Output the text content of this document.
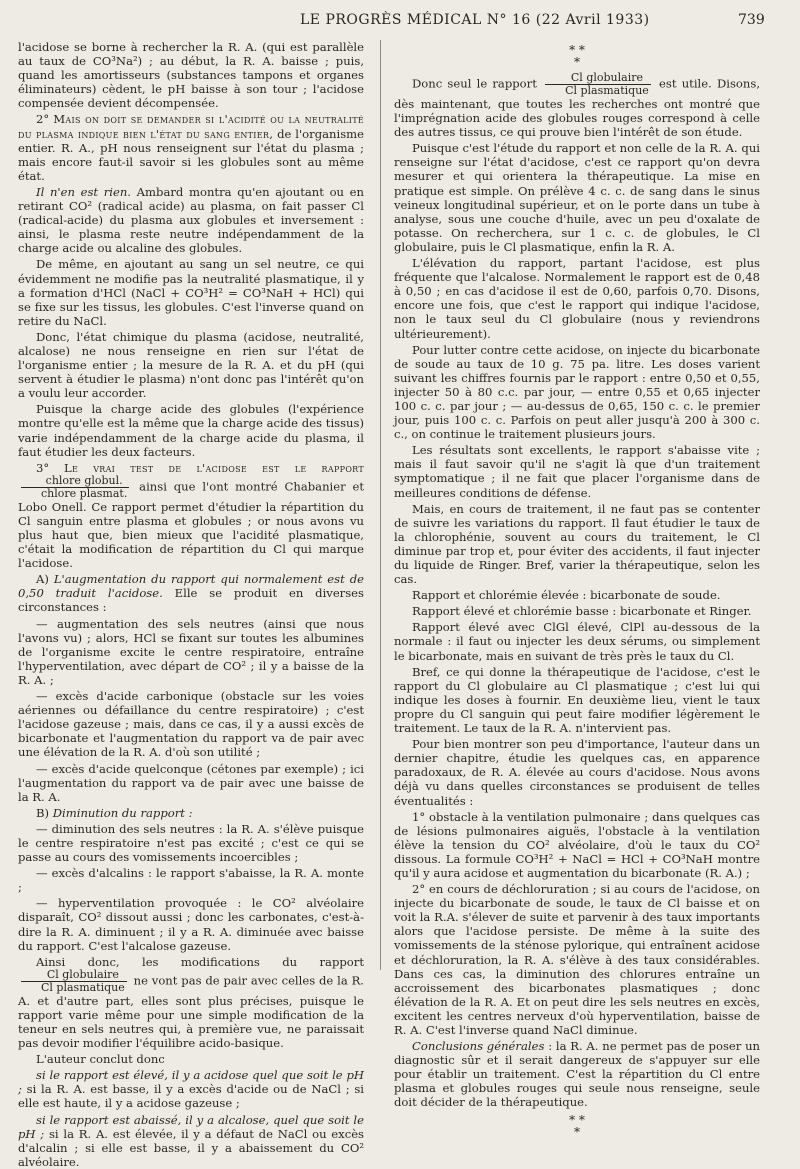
LE PROGRÈS MÉDICAL N° 16 (22 Avril 1933)	739

l'acidose se borne à rechercher la R. A. (qui est parallèle au taux de CO³Na²) ; au début, la R. A. baisse ; puis, quand les amortisseurs (substances tampons et organes éliminateurs) cèdent, le pH baisse à son tour ; l'acidose compensée devient décompensée.

2° Mais on doit se demander si l'acidité ou la neutralité du plasma indique bien l'état du sang entier, de l'organisme entier. R. A., pH nous renseignent sur l'état du plasma ; mais encore faut-il savoir si les globules sont au même état.

Il n'en est rien. Ambard montra qu'en ajoutant ou en retirant CO² (radical acide) au plasma, on fait passer Cl (radical-acide) du plasma aux globules et inversement : ainsi, le plasma reste neutre indépendamment de la charge acide ou alcaline des globules.

De même, en ajoutant au sang un sel neutre, ce qui évidemment ne modifie pas la neutralité plasmatique, il y a formation d'HCl (NaCl + CO³H² = CO³NaH + HCl) qui se fixe sur les tissus, les globules. C'est l'inverse quand on retire du NaCl.

Donc, l'état chimique du plasma (acidose, neutralité, alcalose) ne nous renseigne en rien sur l'état de l'organisme entier ; la mesure de la R. A. et du pH (qui servent à étudier le plasma) n'ont donc pas l'intérêt qu'on a voulu leur accorder.

Puisque la charge acide des globules (l'expérience montre qu'elle est la même que la charge acide des tissus) varie indépendamment de la charge acide du plasma, il faut étudier les deux facteurs.

3° Le vrai test de l'acidose est le rapport
$\frac{\text{chlore globul.}}{\text{chlore plasmat.}}$ ainsi que l'ont montré Chabanier et Lobo Onell. Ce rapport permet d'étudier la répartition du Cl sanguin entre plasma et globules ; or nous avons vu plus haut que, bien mieux que l'acidité plasmatique, c'était la modification de répartition du Cl qui marque l'acidose.

A) L'augmentation du rapport qui normalement est de 0,50 traduit l'acidose. Elle se produit en diverses circonstances :

— augmentation des sels neutres (ainsi que nous l'avons vu) ; alors, HCl se fixant sur toutes les albumines de l'organisme excite le centre respiratoire, entraîne l'hyperventilation, avec départ de CO² ; il y a baisse de la R. A. ;

— excès d'acide carbonique (obstacle sur les voies aériennes ou défaillance du centre respiratoire) ; c'est l'acidose gazeuse ; mais, dans ce cas, il y a aussi excès de bicarbonate et l'augmentation du rapport va de pair avec une élévation de la R. A. d'où son utilité ;

— excès d'acide quelconque (cétones par exemple) ; ici l'augmentation du rapport va de pair avec une baisse de la R. A.

B) Diminution du rapport :

— diminution des sels neutres : la R. A. s'élève puisque le centre respiratoire n'est pas excité ; c'est ce qui se passe au cours des vomissements incoercibles ;

— excès d'alcalins : le rapport s'abaisse, la R. A. monte ;

— hyperventilation provoquée : le CO² alvéolaire disparaît, CO² dissout aussi ; donc les carbonates, c'est-à-dire la R. A. diminuent ; il y a R. A. diminuée avec baisse du rapport. C'est l'alcalose gazeuse.

Ainsi donc, les modifications du rapport
$\frac{\text{Cl globulaire}}{\text{Cl plasmatique}}$ ne vont pas de pair avec celles de la R. A. et d'autre part, elles sont plus précises, puisque le rapport varie même pour une simple modification de la teneur en sels neutres qui, à première vue, ne paraissait pas devoir modifier l'équilibre acido-basique.

L'auteur conclut donc

si le rapport est élevé, il y a acidose quel que soit le pH ; si la R. A. est basse, il y a excès d'acide ou de NaCl ; si elle est haute, il y a acidose gazeuse ;

si le rapport est abaissé, il y a alcalose, quel que soit le pH ; si la R. A. est élevée, il y a défaut de NaCl ou excès d'alcalin ; si elle est basse, il y a abaissement du CO² alvéolaire.

* *
*

Donc seul le rapport $\frac{\text{Cl globulaire}}{\text{Cl plasmatique}}$ est utile. Disons, dès maintenant, que toutes les recherches ont montré que l'imprégnation acide des globules rouges correspond à celle des autres tissus, ce qui prouve bien l'intérêt de son étude.

Puisque c'est l'étude du rapport et non celle de la R. A. qui renseigne sur l'état d'acidose, c'est ce rapport qu'on devra mesurer et qui orientera la thérapeutique. La mise en pratique est simple. On prélève 4 c. c. de sang dans le sinus veineux longitudinal supérieur, et on le porte dans un tube à analyse, sous une couche d'huile, avec un peu d'oxalate de potasse. On recherchera, sur 1 c. c. de globules, le Cl globulaire, puis le Cl plasmatique, enfin la R. A.

L'élévation du rapport, partant l'acidose, est plus fréquente que l'alcalose. Normalement le rapport est de 0,48 à 0,50 ; en cas d'acidose il est de 0,60, parfois 0,70. Disons, encore une fois, que c'est le rapport qui indique l'acidose, non le taux seul du Cl globulaire (nous y reviendrons ultérieurement).

Pour lutter contre cette acidose, on injecte du bicarbonate de soude au taux de 10 g. 75 pa. litre. Les doses varient suivant les chiffres fournis par le rapport : entre 0,50 et 0,55, injecter 50 à 80 c.c. par jour, — entre 0,55 et 0,65 injecter 100 c. c. par jour ; — au-dessus de 0,65, 150 c. c. le premier jour, puis 100 c. c. Parfois on peut aller jusqu'à 200 à 300 c. c., on continue le traitement plusieurs jours.

Les résultats sont excellents, le rapport s'abaisse vite ; mais il faut savoir qu'il ne s'agit là que d'un traitement symptomatique ; il ne fait que placer l'organisme dans de meilleures conditions de défense.

Mais, en cours de traitement, il ne faut pas se contenter de suivre les variations du rapport. Il faut étudier le taux de la chlorophénie, souvent au cours du traitement, le Cl diminue par trop et, pour éviter des accidents, il faut injecter du liquide de Ringer. Bref, varier la thérapeutique, selon les cas.

Rapport et chlorémie élevée : bicarbonate de soude.

Rapport élevé et chlorémie basse : bicarbonate et Ringer.

Rapport élevé avec ClGl élevé, ClPl au-dessous de la normale : il faut ou injecter les deux sérums, ou simplement le bicarbonate, mais en suivant de très près le taux du Cl.

Bref, ce qui donne la thérapeutique de l'acidose, c'est le rapport du Cl globulaire au Cl plasmatique ; c'est lui qui indique les doses à fournir. En deuxième lieu, vient le taux propre du Cl sanguin qui peut faire modifier légèrement le traitement. Le taux de la R. A. n'intervient pas.

Pour bien montrer son peu d'importance, l'auteur dans un dernier chapitre, étudie les quelques cas, en apparence paradoxaux, de R. A. élevée au cours d'acidose. Nous avons déjà vu dans quelles circonstances se produisent de telles éventualités :

1° obstacle à la ventilation pulmonaire ; dans quelques cas de lésions pulmonaires aiguës, l'obstacle à la ventilation élève la tension du CO² alvéolaire, d'où le taux du CO² dissous. La formule CO³H² + NaCl = HCl + CO³NaH montre qu'il y aura acidose et augmentation du bicarbonate (R. A.) ;

2° en cours de déchloruration ; si au cours de l'acidose, on injecte du bicarbonate de soude, le taux de Cl baisse et on voit la R.A. s'élever de suite et parvenir à des taux importants alors que l'acidose persiste. De même à la suite des vomissements de la sténose pylorique, qui entraînent acidose et déchloruration, la R. A. s'élève à des taux considérables. Dans ces cas, la diminution des chlorures entraîne un accroissement des bicarbonates plasmatiques ; donc élévation de la R. A. Et on peut dire les sels neutres en excès, excitent les centres nerveux d'où hyperventilation, baisse de R. A. C'est l'inverse quand NaCl diminue.

Conclusions générales : la R. A. ne permet pas de poser un diagnostic sûr et il serait dangereux de s'appuyer sur elle pour établir un traitement. C'est la répartition du Cl entre plasma et globules rouges qui seule nous renseigne, seule doit décider de la thérapeutique.

* *
*
